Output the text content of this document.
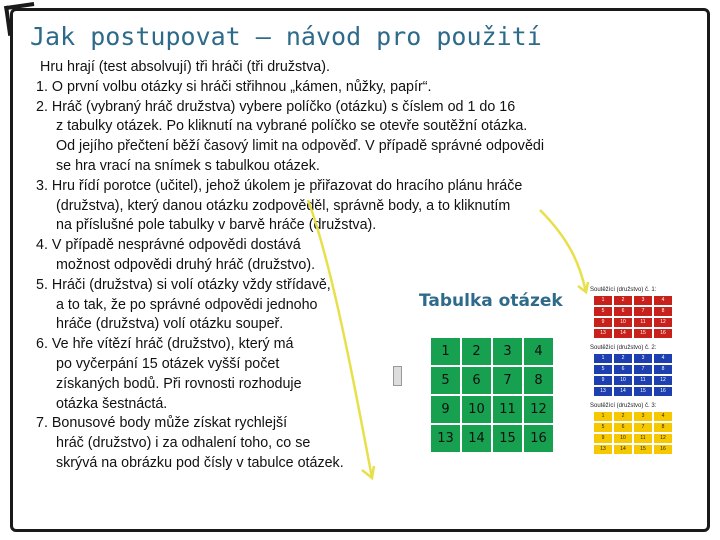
Jak postupovat – návod pro použití

Hru hrají (test absolvují) tři hráči (tři družstva).

1. O první volbu otázky si hráči střihnou „kámen, nůžky, papír“.

2. Hráč (vybraný hráč družstva) vybere políčko (otázku) s číslem od 1 do 16

z tabulky otázek. Po kliknutí na vybrané políčko se otevře soutěžní otázka.

Od jejího přečtení běží časový limit na odpověď. V případě správné odpovědi

se hra vrací na snímek s tabulkou otázek.

3. Hru řídí porotce (učitel), jehož úkolem je přiřazovat do hracího plánu hráče

(družstva), který danou otázku zodpověděl, správně body, a to kliknutím

na příslušné pole tabulky v barvě hráče (družstva).

4. V případě nesprávné odpovědi dostává

možnost odpovědi druhý hráč (družstvo).

5. Hráči (družstva) si volí otázky vždy střídavě,

a to tak, že po správné odpovědi jednoho

hráče (družstva) volí otázku soupeř.

6. Ve hře vítězí hráč (družstvo), který má

po vyčerpání 15 otázek vyšší počet

získaných bodů. Při rovnosti rozhoduje

otázka šestnáctá.

7. Bonusové body může získat rychlejší

hráč (družstvo) i za odhalení toho, co se

skrývá na obrázku pod čísly v tabulce otázek.

Tabulka otázek
1	2	3	4
5	6	7	8
9	10	11	12
13	14	15	16
Soutěžící (družstvo) č. 1:
1	2	3	4
5	6	7	8
9	10	11	12
13	14	15	16
Soutěžící (družstvo) č. 2:
1	2	3	4
5	6	7	8
9	10	11	12
13	14	15	16
Soutěžící (družstvo) č. 3:
1	2	3	4
5	6	7	8
9	10	11	12
13	14	15	16
